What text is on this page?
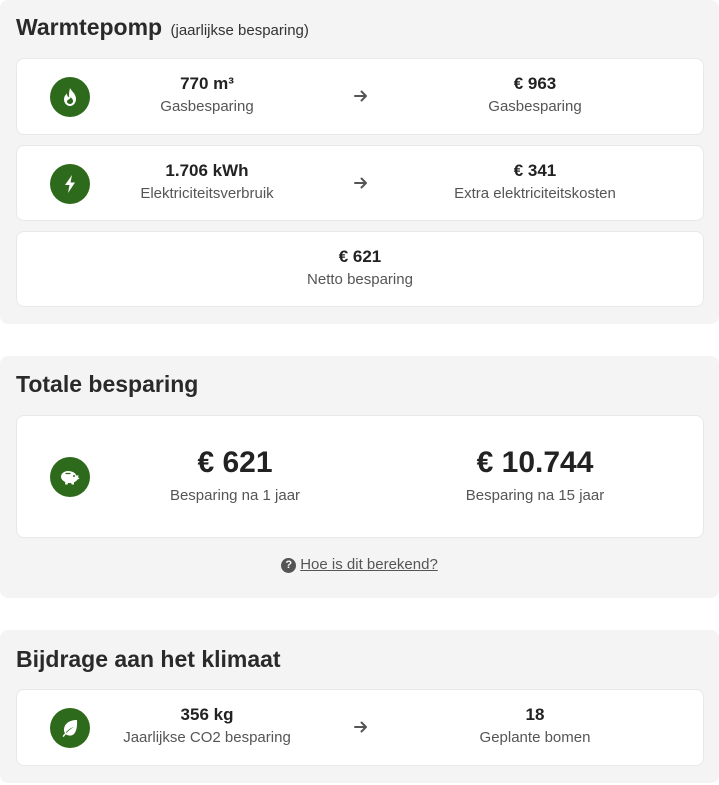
Warmtepomp (jaarlijkse besparing)
770 m³
Gasbesparing
€ 963
Gasbesparing
1.706 kWh
Elektriciteitsverbruik
€ 341
Extra elektriciteitskosten
€ 621
Netto besparing
Totale besparing
€ 621
Besparing na 1 jaar
€ 10.744
Besparing na 15 jaar
? Hoe is dit berekend?
Bijdrage aan het klimaat
356 kg
Jaarlijkse CO2 besparing
18
Geplante bomen
